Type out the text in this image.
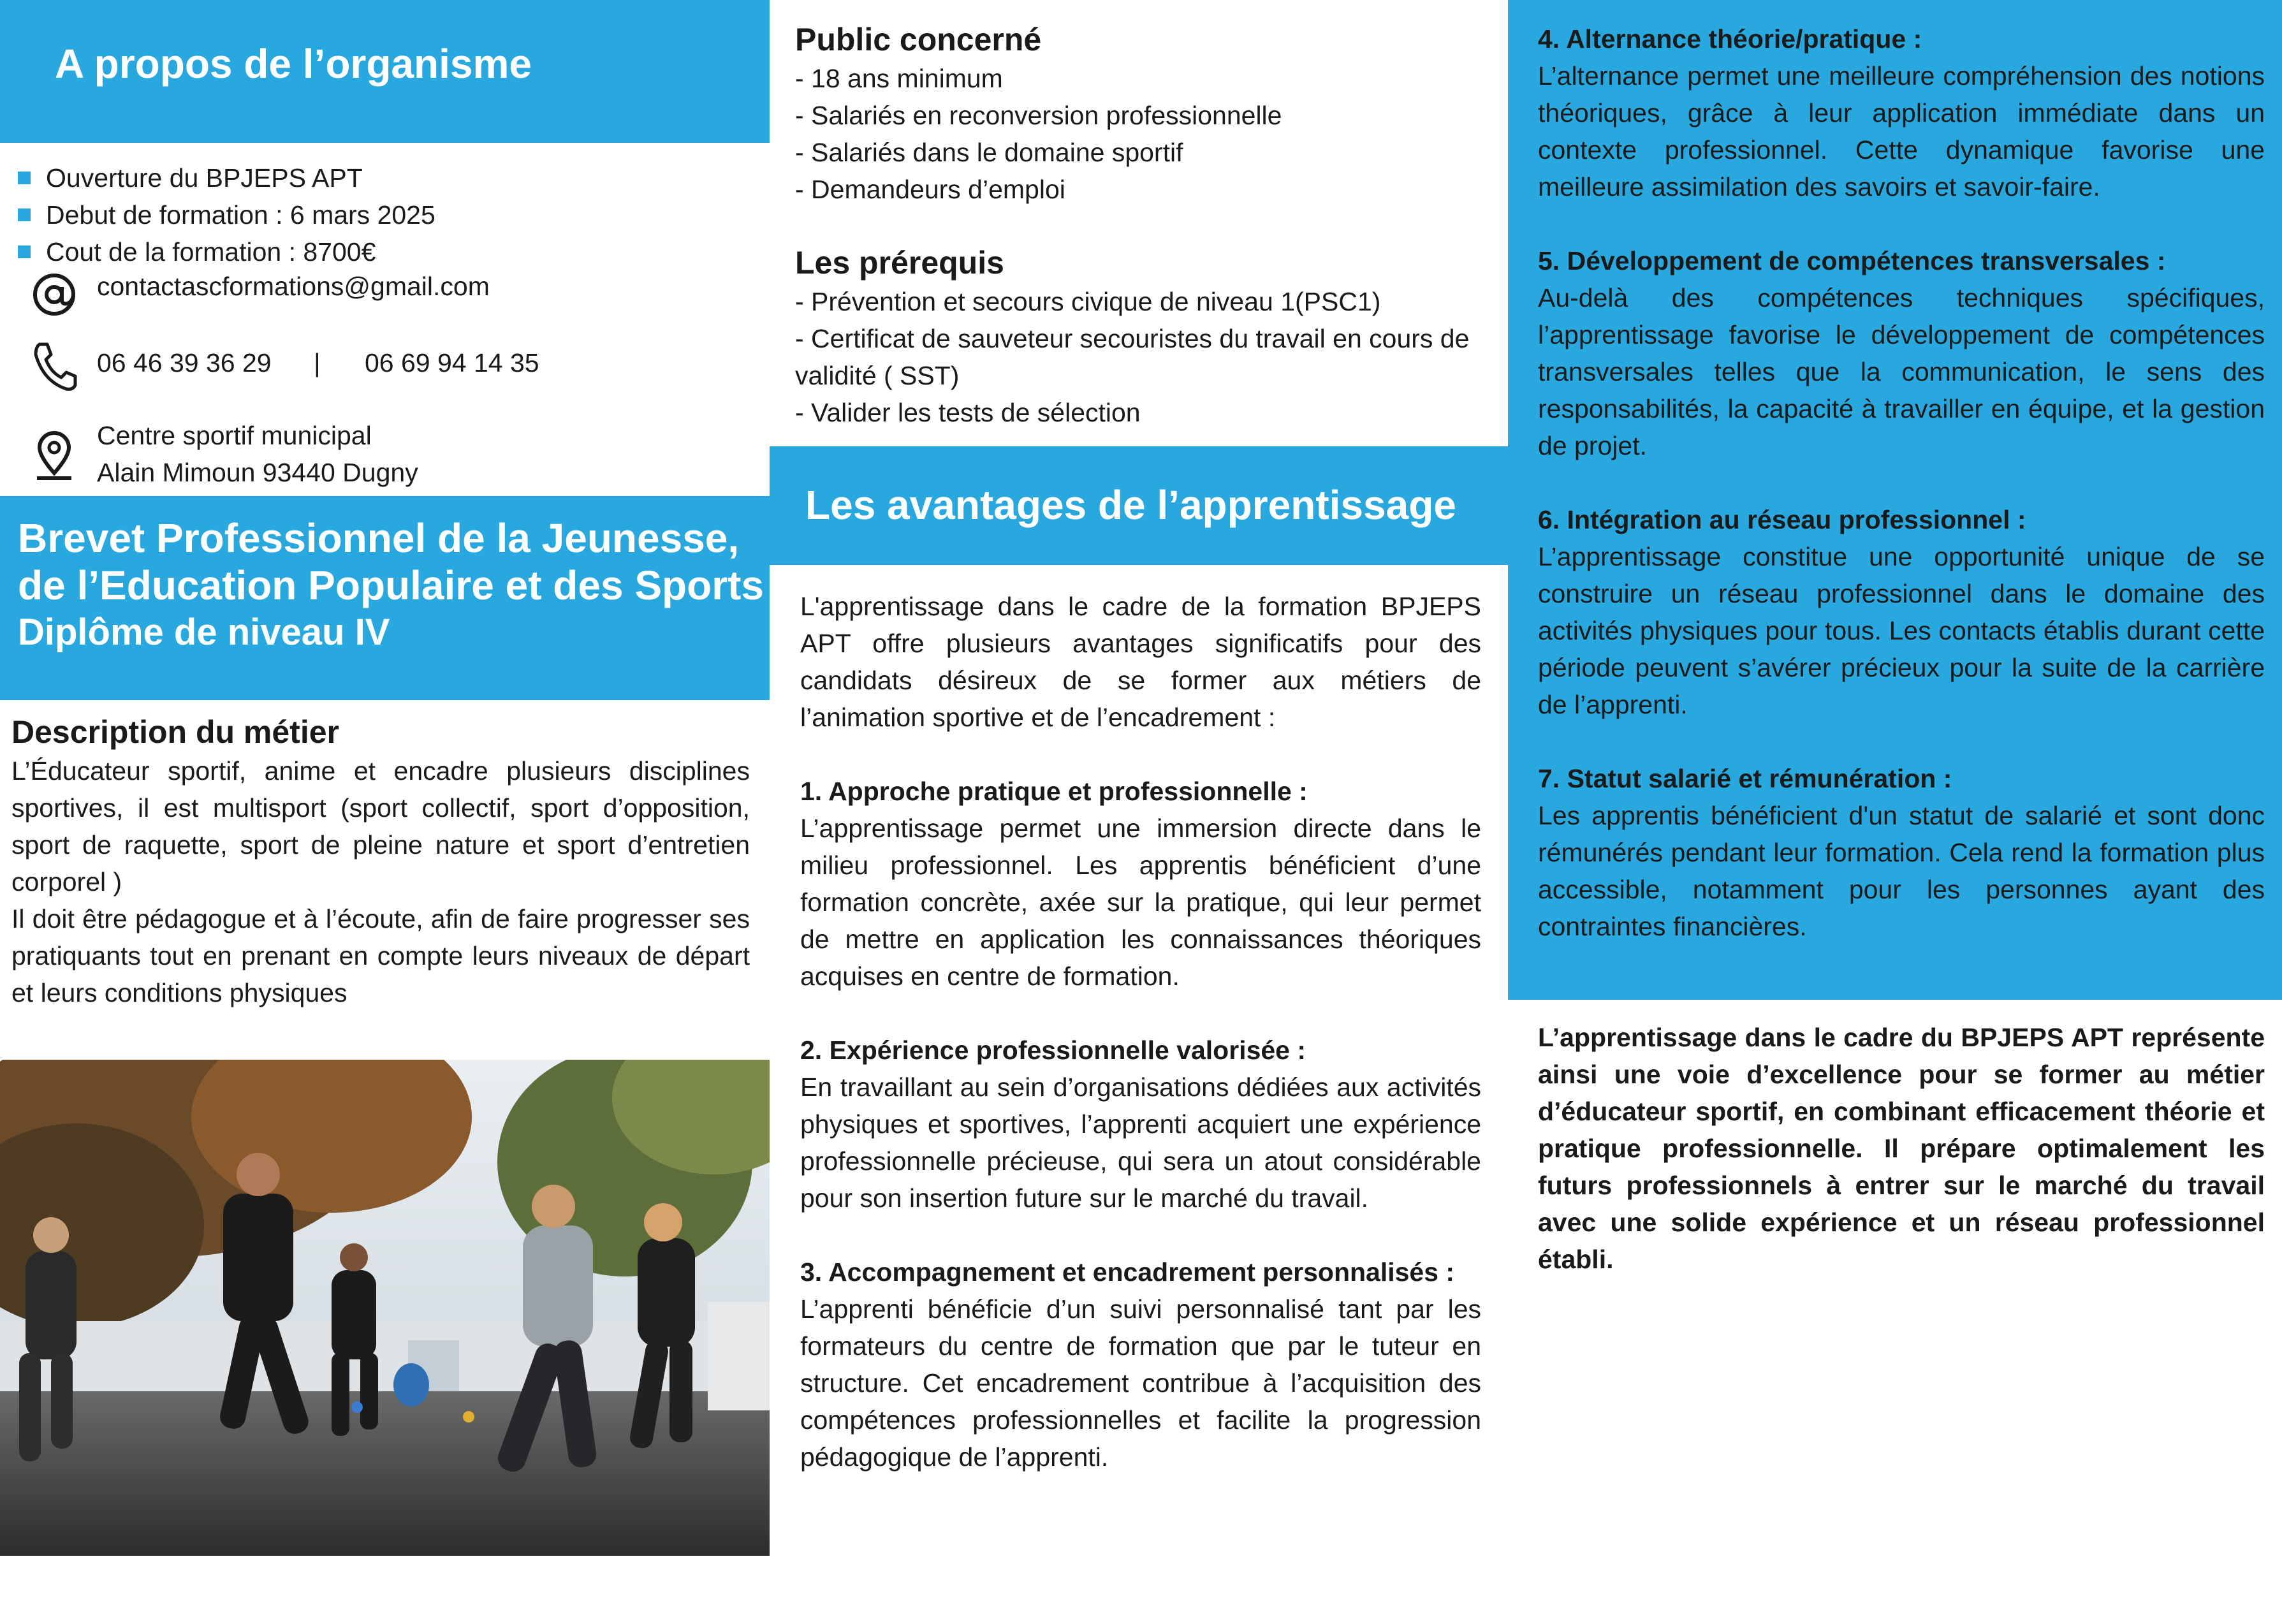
A propos de l’organisme
Ouverture du BPJEPS APT
Debut de formation : 6 mars 2025
Cout de la formation : 8700€
contactascformations@gmail.com
06 46 39 36 29 | 06 69 94 14 35
Centre sportif municipal
Alain Mimoun 93440 Dugny
Brevet Professionnel de la Jeunesse,
de l’Education Populaire et des Sports
Diplôme de niveau IV

Description du métier

L’Éducateur sportif, anime et encadre plusieurs disciplines sportives, il est multisport (sport collectif, sport d’opposition, sport de raquette, sport de pleine nature et sport d’entretien corporel )

Il doit être pédagogue et à l’écoute, afin de faire progresser ses pratiquants tout en prenant en compte leurs niveaux de départ et leurs conditions physiques

Public concerné

- 18 ans minimum

- Salariés en reconversion professionnelle

- Salariés dans le domaine sportif

- Demandeurs d’emploi

Les prérequis

- Prévention et secours civique de niveau 1(PSC1)

- Certificat de sauveteur secouristes du travail en cours de validité ( SST)

- Valider les tests de sélection

Les avantages de l’apprentissage

L'apprentissage dans le cadre de la formation BPJEPS APT offre plusieurs avantages significatifs pour des candidats désireux de se former aux métiers de l’animation sportive et de l’encadrement :

1. Approche pratique et professionnelle :

L’apprentissage permet une immersion directe dans le milieu professionnel. Les apprentis bénéficient d’une formation concrète, axée sur la pratique, qui leur permet de mettre en application les connaissances théoriques acquises en centre de formation.

2. Expérience professionnelle valorisée :

En travaillant au sein d’organisations dédiées aux activités physiques et sportives, l’apprenti acquiert une expérience professionnelle précieuse, qui sera un atout considérable pour son insertion future sur le marché du travail.

3. Accompagnement et encadrement personnalisés :

L’apprenti bénéficie d’un suivi personnalisé tant par les formateurs du centre de formation que par le tuteur en structure. Cet encadrement contribue à l’acquisition des compétences professionnelles et facilite la progression pédagogique de l’apprenti.

4. Alternance théorie/pratique :

L’alternance permet une meilleure compréhension des notions théoriques, grâce à leur application immédiate dans un contexte professionnel. Cette dynamique favorise une meilleure assimilation des savoirs et savoir-faire.

5. Développement de compétences transversales :

Au-delà des compétences techniques spécifiques, l’apprentissage favorise le développement de compétences transversales telles que la communication, le sens des responsabilités, la capacité à travailler en équipe, et la gestion de projet.

6. Intégration au réseau professionnel :

L’apprentissage constitue une opportunité unique de se construire un réseau professionnel dans le domaine des activités physiques pour tous. Les contacts établis durant cette période peuvent s’avérer précieux pour la suite de la carrière de l’apprenti.

7. Statut salarié et rémunération :

Les apprentis bénéficient d'un statut de salarié et sont donc rémunérés pendant leur formation. Cela rend la formation plus accessible, notamment pour les personnes ayant des contraintes financières.

L’apprentissage dans le cadre du BPJEPS APT représente ainsi une voie d’excellence pour se former au métier d’éducateur sportif, en combinant efficacement théorie et pratique professionnelle. Il prépare optimalement les futurs professionnels à entrer sur le marché du travail avec une solide expérience et un réseau professionnel établi.
